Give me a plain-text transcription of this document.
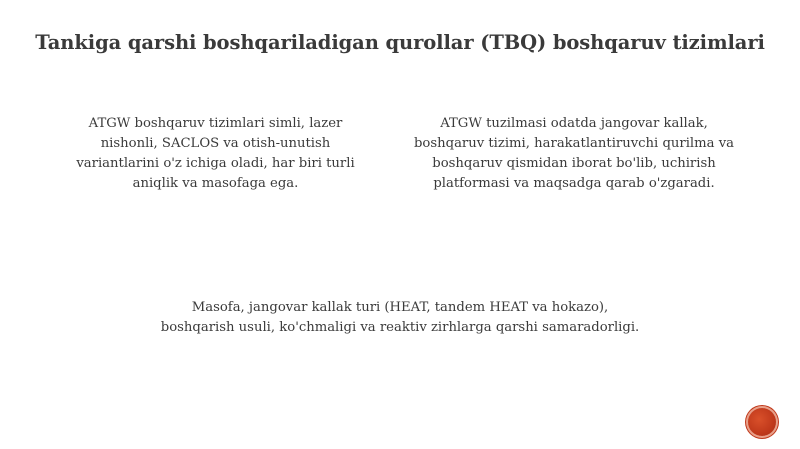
Tankiga qarshi boshqariladigan qurollar (TBQ) boshqaruv tizimlari
ATGW boshqaruv tizimlari simli, lazer
nishonli, SACLOS va otish-unutish
variantlarini o'z ichiga oladi, har biri turli
aniqlik va masofaga ega.
ATGW tuzilmasi odatda jangovar kallak,
boshqaruv tizimi, harakatlantiruvchi qurilma va
boshqaruv qismidan iborat bo'lib, uchirish
platformasi va maqsadga qarab o'zgaradi.
Masofa, jangovar kallak turi (HEAT, tandem HEAT va hokazo),
boshqarish usuli, ko'chmaligi va reaktiv zirhlarga qarshi samaradorligi.
